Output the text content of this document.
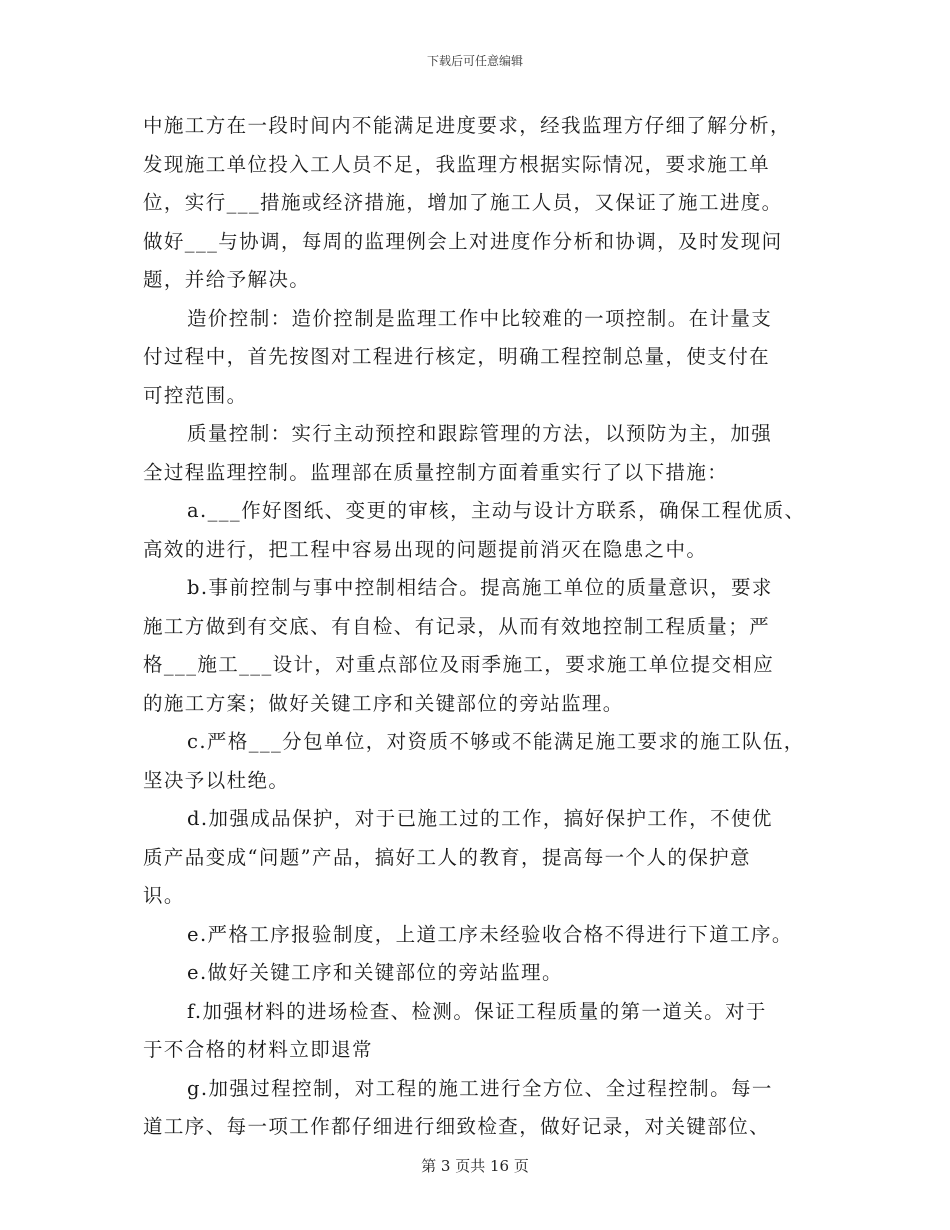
下载后可任意编辑
中施工方在一段时间内不能满足进度要求，经我监理方仔细了解分析，
发现施工单位投入工人员不足，我监理方根据实际情况，要求施工单
位，实行___措施或经济措施，增加了施工人员，又保证了施工进度。
做好___与协调，每周的监理例会上对进度作分析和协调，及时发现问
题，并给予解决。
造价控制：造价控制是监理工作中比较难的一项控制。在计量支
付过程中，首先按图对工程进行核定，明确工程控制总量，使支付在
可控范围。
质量控制：实行主动预控和跟踪管理的方法，以预防为主，加强
全过程监理控制。监理部在质量控制方面着重实行了以下措施：
a.___作好图纸、变更的审核，主动与设计方联系，确保工程优质、
高效的进行，把工程中容易出现的问题提前消灭在隐患之中。
b.事前控制与事中控制相结合。提高施工单位的质量意识，要求
施工方做到有交底、有自检、有记录，从而有效地控制工程质量；严
格___施工___设计，对重点部位及雨季施工，要求施工单位提交相应
的施工方案；做好关键工序和关键部位的旁站监理。
c.严格___分包单位，对资质不够或不能满足施工要求的施工队伍，
坚决予以杜绝。
d.加强成品保护，对于已施工过的工作，搞好保护工作，不使优
质产品变成“问题”产品，搞好工人的教育，提高每一个人的保护意
识。
e.严格工序报验制度，上道工序未经验收合格不得进行下道工序。
e.做好关键工序和关键部位的旁站监理。
f.加强材料的进场检查、检测。保证工程质量的第一道关。对于
于不合格的材料立即退常
g.加强过程控制，对工程的施工进行全方位、全过程控制。每一
道工序、每一项工作都仔细进行细致检查，做好记录，对关键部位、
第 3 页共 16 页
